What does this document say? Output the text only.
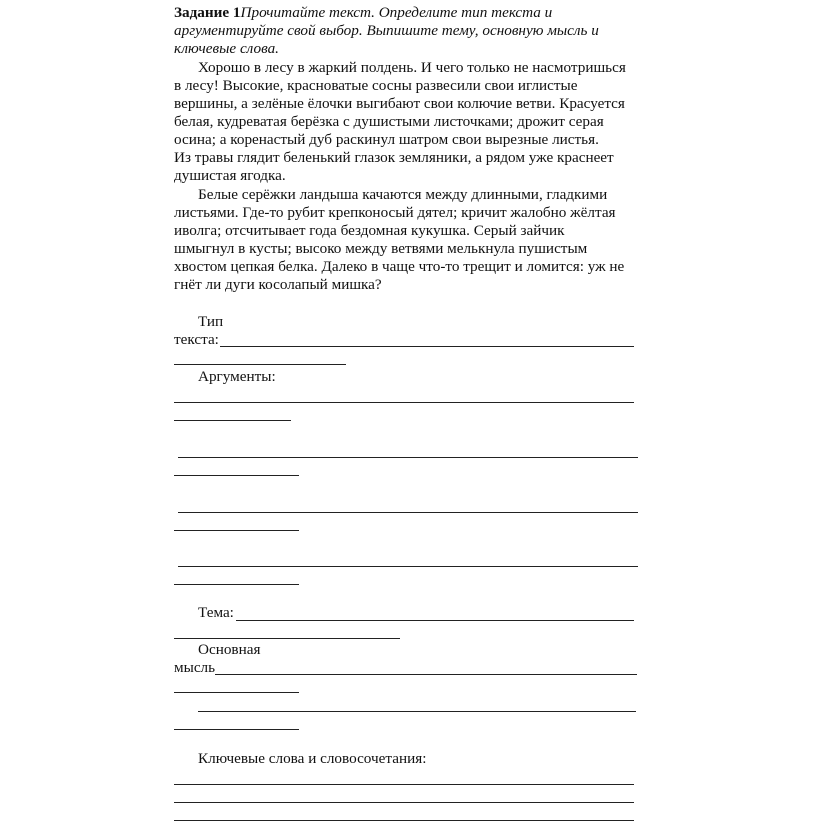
Задание 1Прочитайте текст. Определите тип текста и
аргументируйте свой выбор. Выпишите тему, основную мысль и
ключевые слова.
Хорошо в лесу в жаркий полдень. И чего только не насмотришься
в лесу! Высокие, красноватые сосны развесили свои иглистые
вершины, а зелёные ёлочки выгибают свои колючие ветви. Красуется
белая, кудреватая берёзка с душистыми листочками; дрожит серая
осина; а коренастый дуб раскинул шатром свои вырезные листья.
Из травы глядит беленький глазок земляники, а рядом уже краснеет
душистая ягодка.
Белые серёжки ландыша качаются между длинными, гладкими
листьями. Где-то рубит крепконосый дятел; кричит жалобно жёлтая
иволга; отсчитывает года бездомная кукушка. Серый зайчик
шмыгнул в кусты; высоко между ветвями мелькнула пушистым
хвостом цепкая белка. Далеко в чаще что-то трещит и ломится: уж не
гнёт ли дуги косолапый мишка?
Тип
текста:
Аргументы:
Тема:
Основная
мысль
Ключевые слова и словосочетания:
